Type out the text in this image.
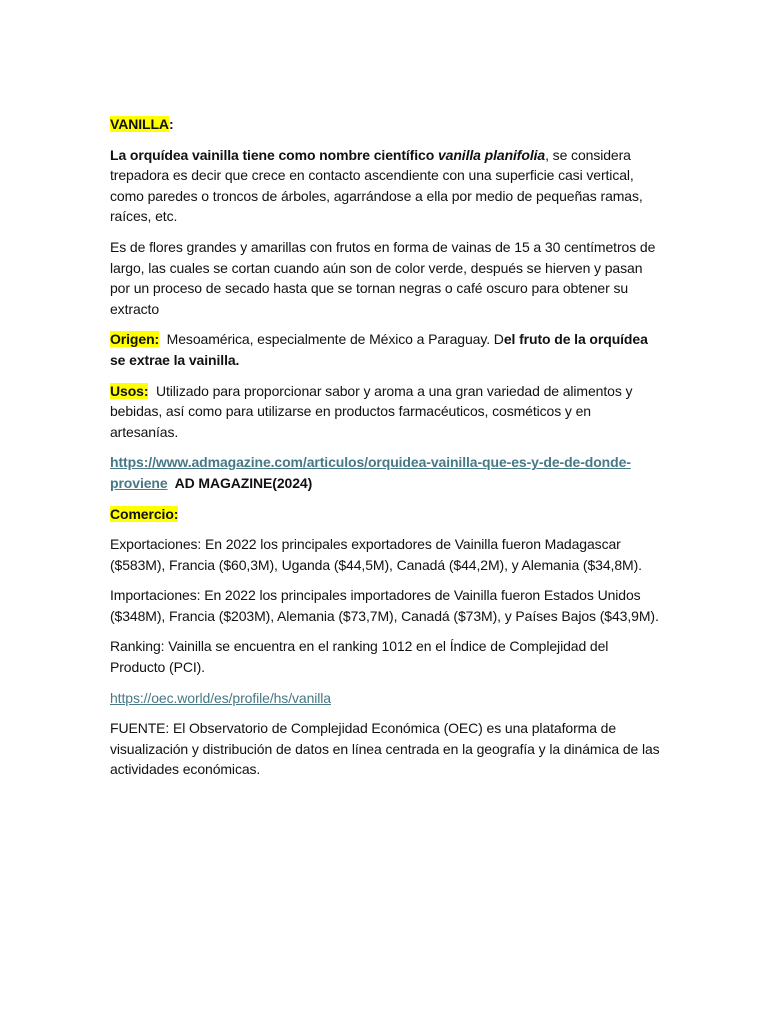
VANILLA:

La orquídea vainilla tiene como nombre científico vanilla planifolia, se considera trepadora es decir que crece en contacto ascendiente con una superficie casi vertical, como paredes o troncos de árboles, agarrándose a ella por medio de pequeñas ramas, raíces, etc.

Es de flores grandes y amarillas con frutos en forma de vainas de 15 a 30 centímetros de largo, las cuales se cortan cuando aún son de color verde, después se hierven y pasan por un proceso de secado hasta que se tornan negras o café oscuro para obtener su extracto

Origen:  Mesoamérica, especialmente de México a Paraguay. Del fruto de la orquídea se extrae la vainilla.

Usos:  Utilizado para proporcionar sabor y aroma a una gran variedad de alimentos y bebidas, así como para utilizarse en productos farmacéuticos, cosméticos y en artesanías.

https://www.admagazine.com/articulos/orquidea-vainilla-que-es-y-de-de-donde-proviene  AD MAGAZINE(2024)

Comercio:

Exportaciones: En 2022 los principales exportadores de Vainilla fueron Madagascar ($583M), Francia ($60,3M), Uganda ($44,5M), Canadá ($44,2M), y Alemania ($34,8M).

Importaciones: En 2022 los principales importadores de Vainilla fueron Estados Unidos ($348M), Francia ($203M), Alemania ($73,7M), Canadá ($73M), y Países Bajos ($43,9M).

Ranking: Vainilla se encuentra en el ranking 1012 en el Índice de Complejidad del Producto (PCI).

https://oec.world/es/profile/hs/vanilla

FUENTE: El Observatorio de Complejidad Económica (OEC) es una plataforma de visualización y distribución de datos en línea centrada en la geografía y la dinámica de las actividades económicas.
